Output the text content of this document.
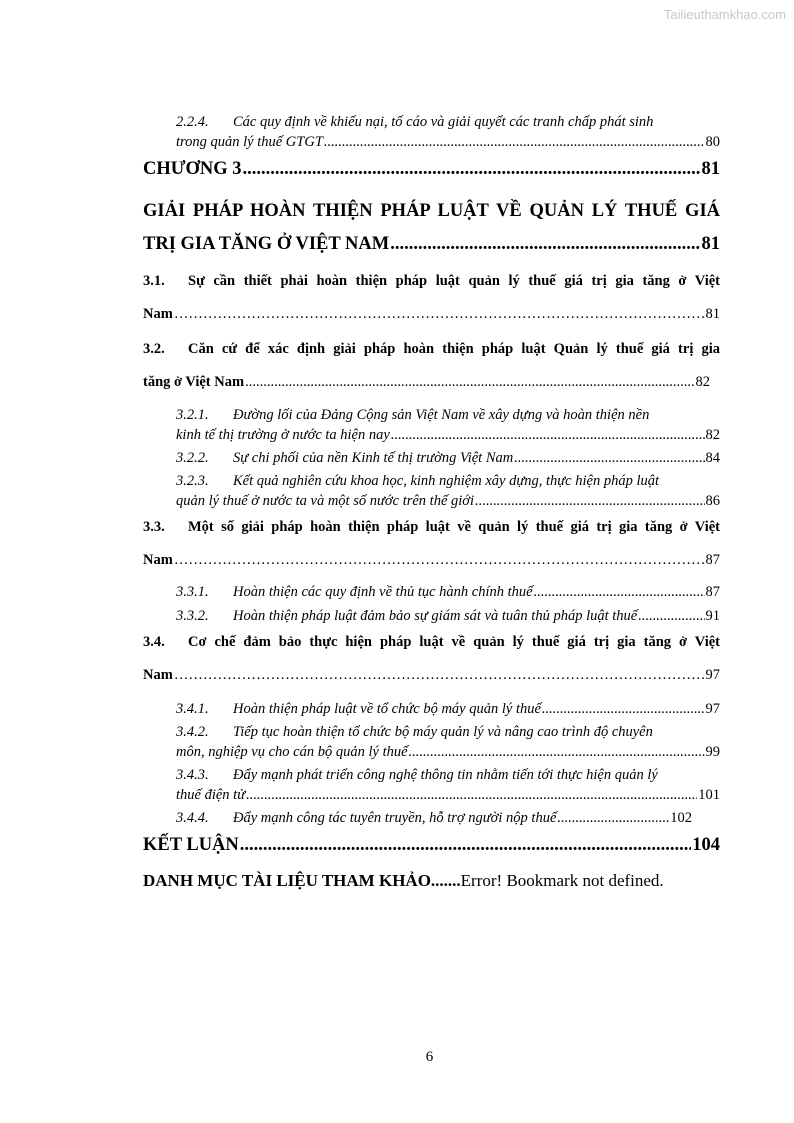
Tailieuthamkhao.com
2.2.4. Các quy định về khiếu nại, tố cáo và giải quyết các tranh chấp phát sinh
trong quản lý thuế GTGT .....	80
CHƯƠNG 3 .....	81
GIẢI PHÁP HOÀN THIỆN PHÁP LUẬT VỀ QUẢN LÝ THUẾ GIÁ
TRỊ GIA TĂNG Ở VIỆT NAM .....	81
3.1. Sự cần thiết phải hoàn thiện pháp luật quản lý thuế giá trị gia tăng ở Việt
Nam ……………………………………………………………………………………………………………………………………………………………………………………	81
3.2. Căn cứ để xác định giải pháp hoàn thiện pháp luật Quản lý thuế giá trị gia
tăng ở Việt Nam .....	82
3.2.1. Đường lối của Đảng Cộng sản Việt Nam về xây dựng và hoàn thiện nền
kinh tế thị trường ở nước ta hiện nay .....	82
3.2.2.	Sự chi phối của nền Kinh tế thị trường Việt Nam .....	84
3.2.3. Kết quả nghiên cứu khoa học, kinh nghiệm xây dựng, thực hiện pháp luật
quản lý thuế ở nước ta và một số nước trên thế giới .....	86
3.3. Một số giải pháp hoàn thiện pháp luật về quản lý thuế giá trị gia tăng ở Việt
Nam ……………………………………………………………………………………………………………………………………………………………………………………	87
3.3.1.	Hoàn thiện các quy định về thủ tục hành chính thuế .....	87
3.3.2.	Hoàn thiện pháp luật đảm bảo sự giám sát và tuân thủ pháp luật thuế .....	91
3.4. Cơ chế đảm bảo thực hiện pháp luật về quản lý thuế giá trị gia tăng ở Việt
Nam ……………………………………………………………………………………………………………………………………………………………………………………	97
3.4.1.	Hoàn thiện pháp luật về tổ chức bộ máy quản lý thuế .....	97
3.4.2. Tiếp tục hoàn thiện tổ chức bộ máy quản lý và nâng cao trình độ chuyên
môn, nghiệp vụ cho cán bộ quản lý thuế .....	99
3.4.3. Đẩy mạnh phát triển công nghệ thông tin nhằm tiến tới thực hiện quản lý
thuế điện tử .....	101
3.4.4.	Đẩy mạnh công tác tuyên truyền, hỗ trợ người nộp thuế .....	102
KẾT LUẬN .....	104
DANH MỤC TÀI LIỆU THAM KHẢO ....... Error! Bookmark not defined.
6
